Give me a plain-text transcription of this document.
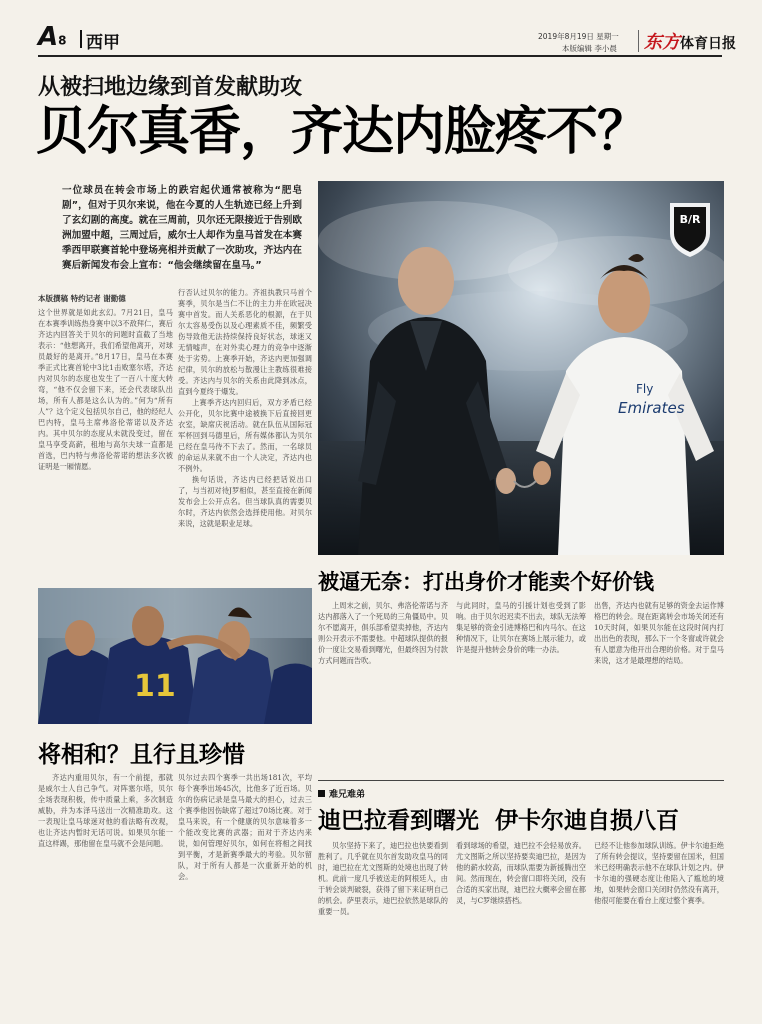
A8	西甲	2019年8月19日 星期一
本版编辑 李小晨 东方体育日报
从被扫地边缘到首发献助攻
贝尔真香，齐达内脸疼不？
一位球员在转会市场上的跌宕起伏通常被称为“肥皂剧”，但对于贝尔来说，他在今夏的人生轨迹已经上升到了玄幻剧的高度。就在三周前，贝尔还无限接近于告别欧洲加盟中超，三周过后，威尔士人却作为皇马首发在本赛季西甲联赛首轮中登场亮相并贡献了一次助攻，齐达内在赛后新闻发布会上宣布：“他会继续留在皇马。”
本版撰稿 特约记者 谢勤德
B/R
Fly
Emirates
这个世界就是如此玄幻。7月21日，皇马在本赛季训练热身赛中以3不敌拜仁，赛后齐达内回答关于贝尔的问题时直截了当地表示：“他想离开，我们希望他离开，对球员最好的是离开。”8月17日，皇马在本赛季正式比赛首轮中3比1击败塞尔塔，齐达内对贝尔的态度也发生了一百八十度大转弯，“他不仅会留下来，还会代表球队出场，所有人都是这么认为的。”何为“所有人”？这个定义包括贝尔自己，他的经纪人巴内特，皇马主席弗洛伦蒂诺以及齐达内。其中贝尔的态度从未就没变过，留在皇马享受高薪，租地与高尔夫球一直都是首选，巴内特与弗洛伦蒂诺的想法多次被证明是一厢情愿。
行否认过贝尔的能力。齐祖执教只马首个赛季，贝尔是当仁不让的主力并在欧冠决赛中首发。而人关系恶化的根源，在于贝尔太容易受伤以及心理素质不佳，频繁受伤导致他无法持续保持良好状态，球迷又无情嘘声，在对外卖心理力的竞争中逐渐处于劣势。上赛季开始，齐达内更加强调纪律，贝尔的放松与散漫让主教练很难接受。齐达内与贝尔的关系由此降到冰点，直到今夏终于爆发。
上赛季齐达内回归后，双方矛盾已经公开化，贝尔比赛中途被换下后直接回更衣室，缺席庆祝活动。就在队伍从国际冠军杯回到马德里后，所有媒体都认为贝尔已经在皇马待不下去了。然而，一名球员的命运从来就不由一个人决定，齐达内也不例外。
换句话说，齐达内已经把话说出口了，与当初对待J罗相似，甚至直接在新闻发布会上公开点名。但当球队真的需要贝尔时，齐达内依然会选择使用他。对贝尔来说，这就是职业足球。
11
将相和？且行且珍惜
齐达内重用贝尔，有一个前提，那就是威尔士人自己争气。对阵塞尔塔，贝尔全场表现积极，传中质量上乘，多次制造威胁，并为本泽马送出一次精准助攻。这一表现让皇马球迷对他的看法略有改观，也让齐达内暂时无话可说。如果贝尔能一直这样踢，那他留在皇马就不会是问题。
贝尔过去四个赛季一共出场181次，平均每个赛季出场45次，比他多了近百场。贝尔的伤病记录是皇马最大的担心，过去三个赛季他因伤缺席了超过70场比赛。对于皇马来说，有一个健康的贝尔意味着多一个能改变比赛的武器；而对于齐达内来说，如何管理好贝尔，如何在将相之间找到平衡，才是新赛季最大的考验。贝尔留队，对于所有人都是一次重新开始的机会。
被逼无奈：打出身价才能卖个好价钱
上周末之前，贝尔、弗洛伦蒂诺与齐达内都落入了一个死局的三角僵局中。贝尔不愿离开，俱乐部希望卖掉他，齐达内则公开表示不需要他。中超球队提供的报价一度让交易看到曙光，但最终因为付款方式问题而告吹。
与此同时，皇马的引援计划也受到了影响。由于贝尔迟迟卖不出去，球队无法筹集足够的资金引进博格巴和内马尔。在这种情况下，让贝尔在赛场上展示能力，或许是提升他转会身价的唯一办法。
出售，齐达内也就有足够的资金去运作博格巴的转会。现在距离转会市场关闭还有10天时间，如果贝尔能在这段时间内打出出色的表现，那么下一个冬窗或许就会有人愿意为他开出合理的价格。对于皇马来说，这才是最理想的结局。
难兄难弟
迪巴拉看到曙光  伊卡尔迪自损八百
贝尔坚持下来了，迪巴拉也快要看到胜利了。几乎就在贝尔首发助攻皇马的同时，迪巴拉在尤文图斯的处境也出现了转机。此前一度几乎被送走的阿根廷人，由于转会谈判破裂，获得了留下来证明自己的机会。萨里表示，迪巴拉依然是球队的重要一员。
看到球场的希望，迪巴拉不会轻易放弃。尤文图斯之所以坚持要卖迪巴拉，是因为他的薪水较高，而球队需要为新援腾出空间。然而现在，转会窗口即将关闭，没有合适的买家出现，迪巴拉大概率会留在都灵，与C罗继续搭档。
已经不让他参加球队训练。伊卡尔迪拒绝了所有转会提议，坚持要留在国米，但国米已经明确表示他不在球队计划之内。伊卡尔迪的强硬态度让他陷入了尴尬的境地，如果转会窗口关闭时仍然没有离开，他很可能要在看台上度过整个赛季。
